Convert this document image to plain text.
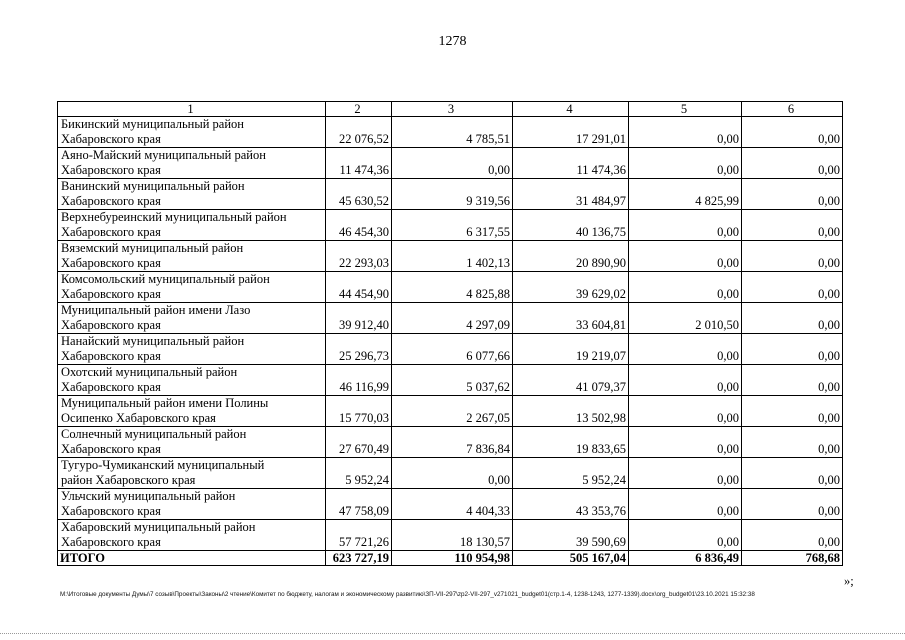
1278
1	2	3	4	5	6

Бикинский муниципальный район
Хабаровского края	22 076,52	4 785,51	17 291,01	0,00	0,00

Аяно-Майский муниципальный район
Хабаровского края	11 474,36	0,00	11 474,36	0,00	0,00

Ванинский муниципальный район
Хабаровского края	45 630,52	9 319,56	31 484,97	4 825,99	0,00

Верхнебуреинский муниципальный район
Хабаровского края	46 454,30	6 317,55	40 136,75	0,00	0,00

Вяземский муниципальный район
Хабаровского края	22 293,03	1 402,13	20 890,90	0,00	0,00

Комсомольский муниципальный район
Хабаровского края	44 454,90	4 825,88	39 629,02	0,00	0,00

Муниципальный район имени Лазо
Хабаровского края	39 912,40	4 297,09	33 604,81	2 010,50	0,00

Нанайский муниципальный район
Хабаровского края	25 296,73	6 077,66	19 219,07	0,00	0,00

Охотский муниципальный район
Хабаровского края	46 116,99	5 037,62	41 079,37	0,00	0,00

Муниципальный район имени Полины
Осипенко Хабаровского края	15 770,03	2 267,05	13 502,98	0,00	0,00

Солнечный муниципальный район
Хабаровского края	27 670,49	7 836,84	19 833,65	0,00	0,00

Тугуро-Чумиканский муниципальный
район Хабаровского края	5 952,24	0,00	5 952,24	0,00	0,00

Ульчский муниципальный район
Хабаровского края	47 758,09	4 404,33	43 353,76	0,00	0,00

Хабаровский муниципальный район
Хабаровского края	57 721,26	18 130,57	39 590,69	0,00	0,00
ИТОГО	623 727,19	110 954,98	505 167,04	6 836,49	768,68
»;
M:\Итоговые документы Думы\7 созыв\Проекты\Законы\2 чтение\Комитет по бюджету, налогам и экономическому развитию\ЗП-VII-297\zp2-VII-297_v271021_budget01(стр.1-4, 1238-1243, 1277-1339).docx\org_budget01\23.10.2021 15:32:38
